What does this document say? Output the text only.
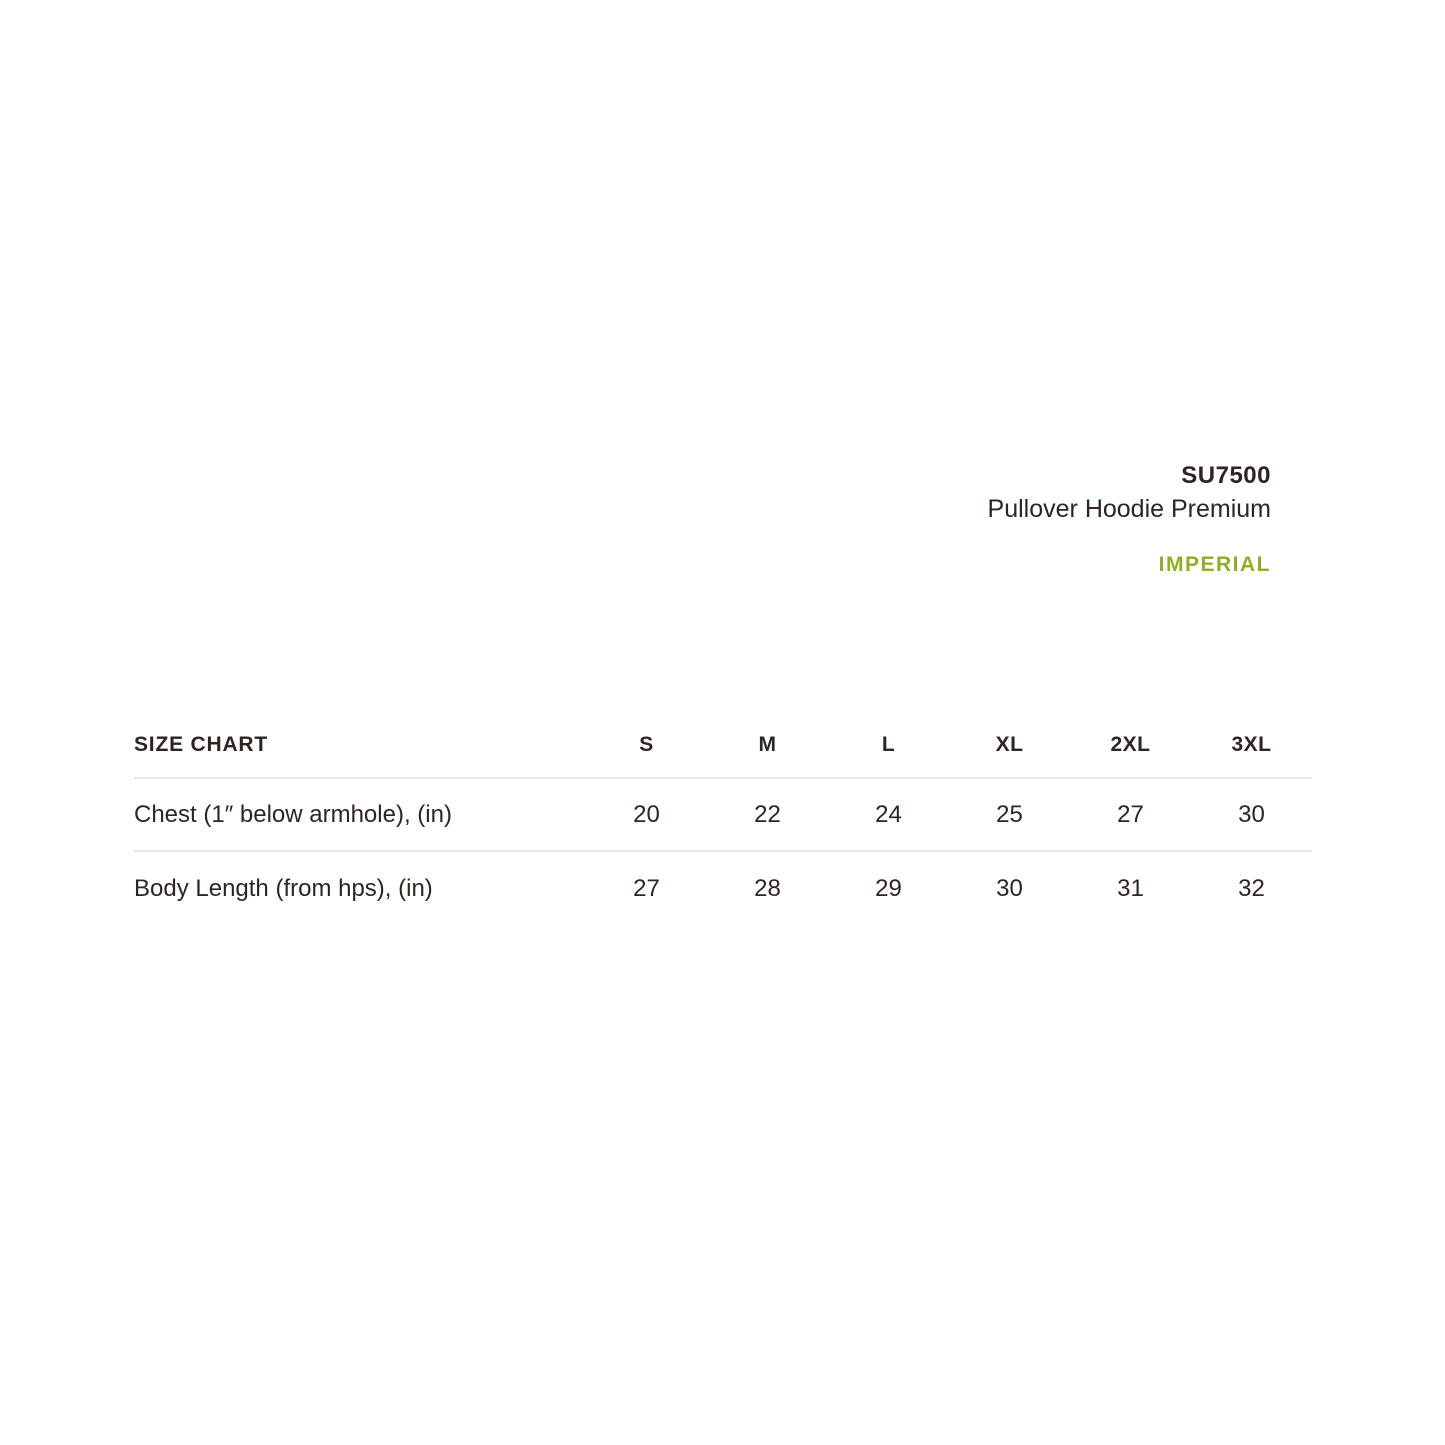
SU7500
Pullover Hoodie Premium
IMPERIAL
SIZE CHART	S	M	L	XL	2XL	3XL
Chest (1″ below armhole), (in)	20	22	24	25	27	30
Body Length (from hps), (in)	27	28	29	30	31	32
